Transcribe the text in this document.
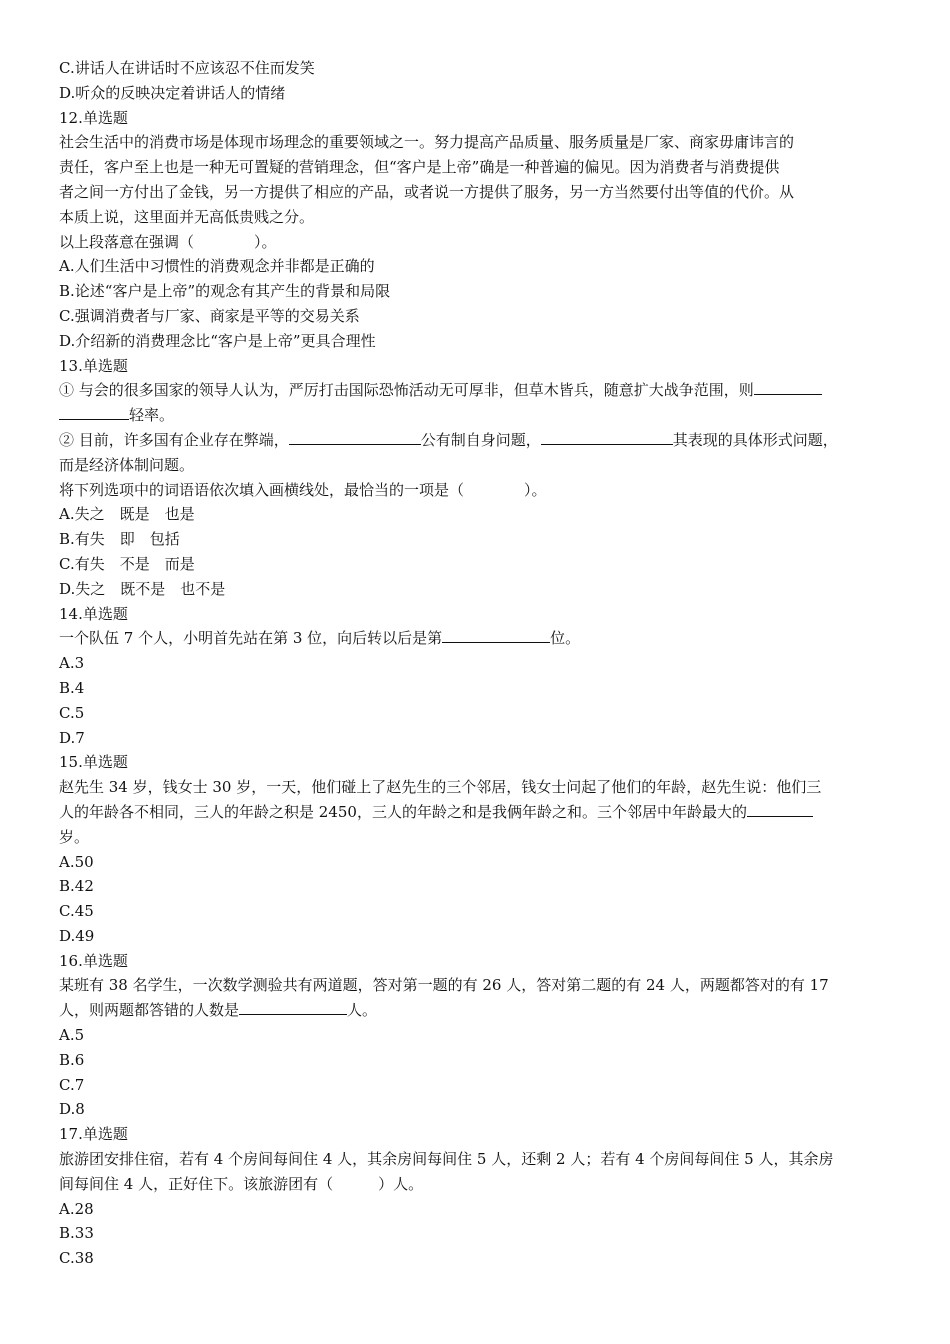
C.讲话人在讲话时不应该忍不住而发笑
D.听众的反映决定着讲话人的情绪
12.单选题
社会生活中的消费市场是体现市场理念的重要领域之一。努力提高产品质量、服务质量是厂家、商家毋庸讳言的
责任，客户至上也是一种无可置疑的营销理念，但“客户是上帝”确是一种普遍的偏见。因为消费者与消费提供
者之间一方付出了金钱，另一方提供了相应的产品，或者说一方提供了服务，另一方当然要付出等值的代价。从
本质上说，这里面并无高低贵贱之分。
以上段落意在强调（　　　　）。
A.人们生活中习惯性的消费观念并非都是正确的
B.论述“客户是上帝”的观念有其产生的背景和局限
C.强调消费者与厂家、商家是平等的交易关系
D.介绍新的消费理念比“客户是上帝”更具合理性
13.单选题
① 与会的很多国家的领导人认为，严厉打击国际恐怖活动无可厚非，但草木皆兵，随意扩大战争范围，则
轻率。
② 目前，许多国有企业存在弊端，	公有制自身问题，	其表现的具体形式问题，
而是经济体制问题。
将下列选项中的词语语依次填入画横线处，最恰当的一项是（　　　　）。
A.失之　既是　也是
B.有失　即　包括
C.有失　不是　而是
D.失之　既不是　也不是
14.单选题
一个队伍 7 个人，小明首先站在第 3 位，向后转以后是第	位。
A.3
B.4
C.5
D.7
15.单选题
赵先生 34 岁，钱女士 30 岁，一天，他们碰上了赵先生的三个邻居，钱女士问起了他们的年龄，赵先生说：他们三
人的年龄各不相同，三人的年龄之积是 2450，三人的年龄之和是我俩年龄之和。三个邻居中年龄最大的
岁。
A.50
B.42
C.45
D.49
16.单选题
某班有 38 名学生，一次数学测验共有两道题，答对第一题的有 26 人，答对第二题的有 24 人，两题都答对的有 17
人，则两题都答错的人数是	人。
A.5
B.6
C.7
D.8
17.单选题
旅游团安排住宿，若有 4 个房间每间住 4 人，其余房间每间住 5 人，还剩 2 人；若有 4 个房间每间住 5 人，其余房
间每间住 4 人，正好住下。该旅游团有（　　　）人。
A.28
B.33
C.38
